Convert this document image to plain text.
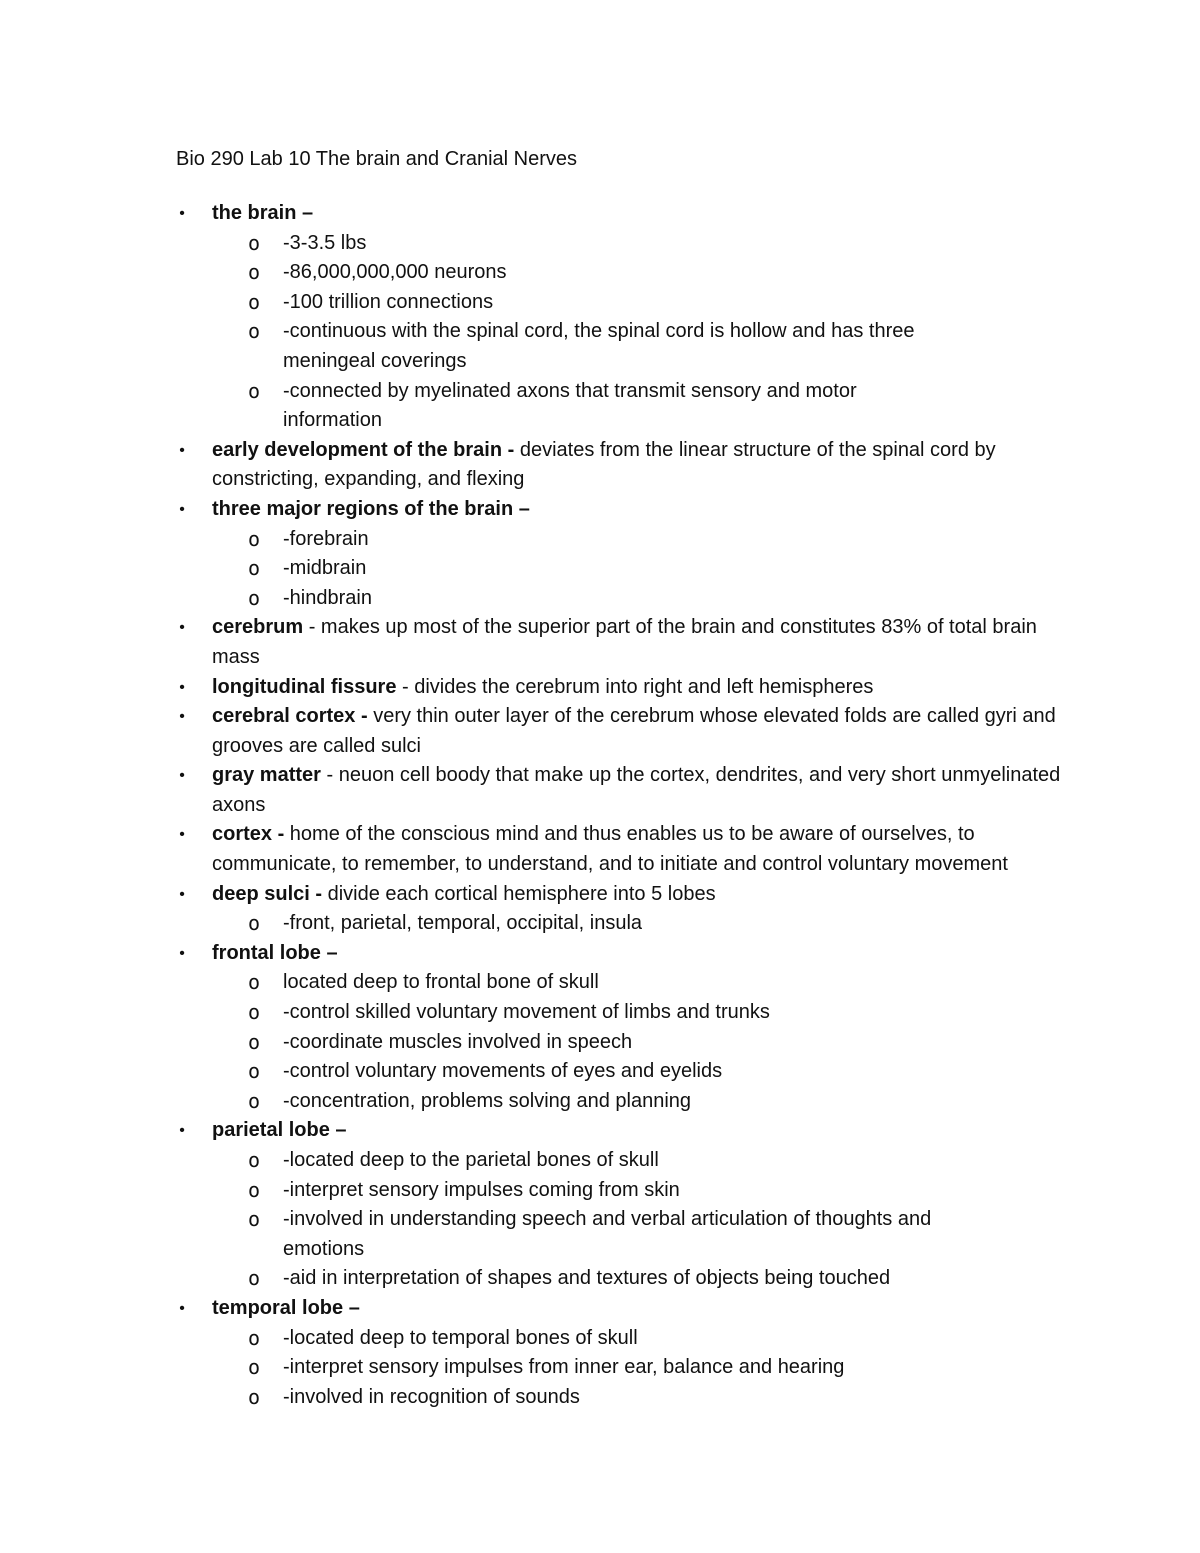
Bio 290 Lab 10 The brain and Cranial Nerves
• the brain –
o -3-3.5 lbs
o -86,000,000,000 neurons
o -100 trillion connections
o -continuous with the spinal cord, the spinal cord is hollow and has three meningeal coverings
o -connected by myelinated axons that transmit sensory and motor information
• early development of the brain - deviates from the linear structure of the spinal cord by constricting, expanding, and flexing
• three major regions of the brain –
o -forebrain
o -midbrain
o -hindbrain
• cerebrum - makes up most of the superior part of the brain and constitutes 83% of total brain mass
• longitudinal fissure - divides the cerebrum into right and left hemispheres
• cerebral cortex - very thin outer layer of the cerebrum whose elevated folds are called gyri and grooves are called sulci
• gray matter - neuon cell boody that make up the cortex, dendrites, and very short unmyelinated axons
• cortex - home of the conscious mind and thus enables us to be aware of ourselves, to communicate, to remember, to understand, and to initiate and control voluntary movement
• deep sulci - divide each cortical hemisphere into 5 lobes
o -front, parietal, temporal, occipital, insula
• frontal lobe –
o located deep to frontal bone of skull
o -control skilled voluntary movement of limbs and trunks
o -coordinate muscles involved in speech
o -control voluntary movements of eyes and eyelids
o -concentration, problems solving and planning
• parietal lobe –
o -located deep to the parietal bones of skull
o -interpret sensory impulses coming from skin
o -involved in understanding speech and verbal articulation of thoughts and emotions
o -aid in interpretation of shapes and textures of objects being touched
• temporal lobe –
o -located deep to temporal bones of skull
o -interpret sensory impulses from inner ear, balance and hearing
o -involved in recognition of sounds
